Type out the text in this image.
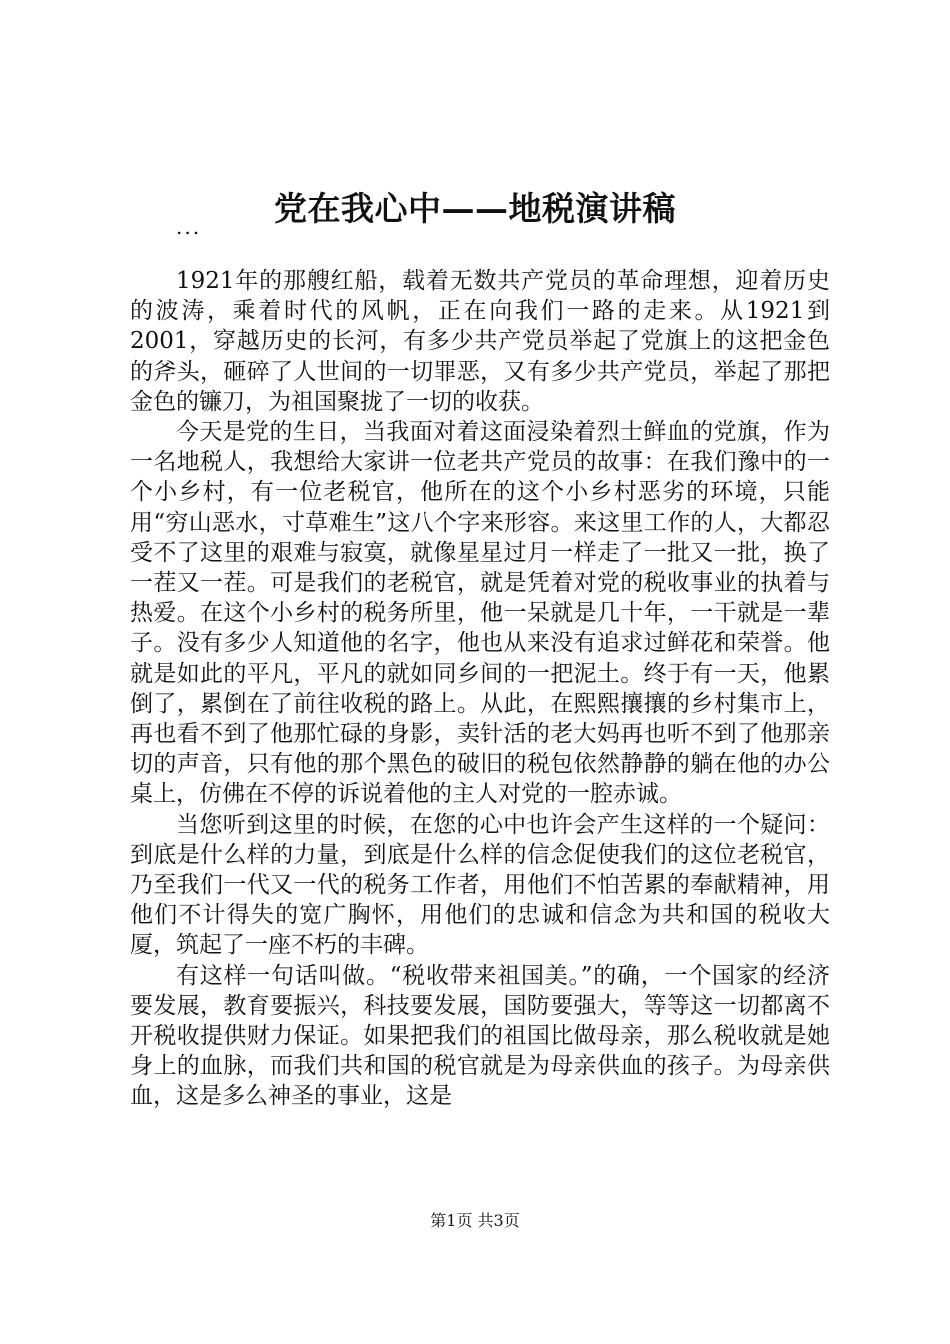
党在我心中——地税演讲稿
...

1921年的那艘红船，载着无数共产党员的革命理想，迎着历史的波涛，乘着时代的风帆，正在向我们一路的走来。从1921到2001，穿越历史的长河，有多少共产党员举起了党旗上的这把金色的斧头，砸碎了人世间的一切罪恶，又有多少共产党员，举起了那把金色的镰刀，为祖国聚拢了一切的收获。

今天是党的生日，当我面对着这面浸染着烈士鲜血的党旗，作为一名地税人，我想给大家讲一位老共产党员的故事：在我们豫中的一个小乡村，有一位老税官，他所在的这个小乡村恶劣的环境，只能用“穷山恶水，寸草难生”这八个字来形容。来这里工作的人，大都忍受不了这里的艰难与寂寞，就像星星过月一样走了一批又一批，换了一茬又一茬。可是我们的老税官，就是凭着对党的税收事业的执着与热爱。在这个小乡村的税务所里，他一呆就是几十年，一干就是一辈子。没有多少人知道他的名字，他也从来没有追求过鲜花和荣誉。他就是如此的平凡，平凡的就如同乡间的一把泥土。终于有一天，他累倒了，累倒在了前往收税的路上。从此，在熙熙攘攘的乡村集市上，再也看不到了他那忙碌的身影，卖针活的老大妈再也听不到了他那亲切的声音，只有他的那个黑色的破旧的税包依然静静的躺在他的办公桌上，仿佛在不停的诉说着他的主人对党的一腔赤诚。

当您听到这里的时候，在您的心中也许会产生这样的一个疑问：到底是什么样的力量，到底是什么样的信念促使我们的这位老税官，乃至我们一代又一代的税务工作者，用他们不怕苦累的奉献精神，用他们不计得失的宽广胸怀，用他们的忠诚和信念为共和国的税收大厦，筑起了一座不朽的丰碑。

有这样一句话叫做。“税收带来祖国美。”的确，一个国家的经济要发展，教育要振兴，科技要发展，国防要强大，等等这一切都离不开税收提供财力保证。如果把我们的祖国比做母亲，那么税收就是她身上的血脉，而我们共和国的税官就是为母亲供血的孩子。为母亲供血，这是多么神圣的事业，这是

第1页 共3页
